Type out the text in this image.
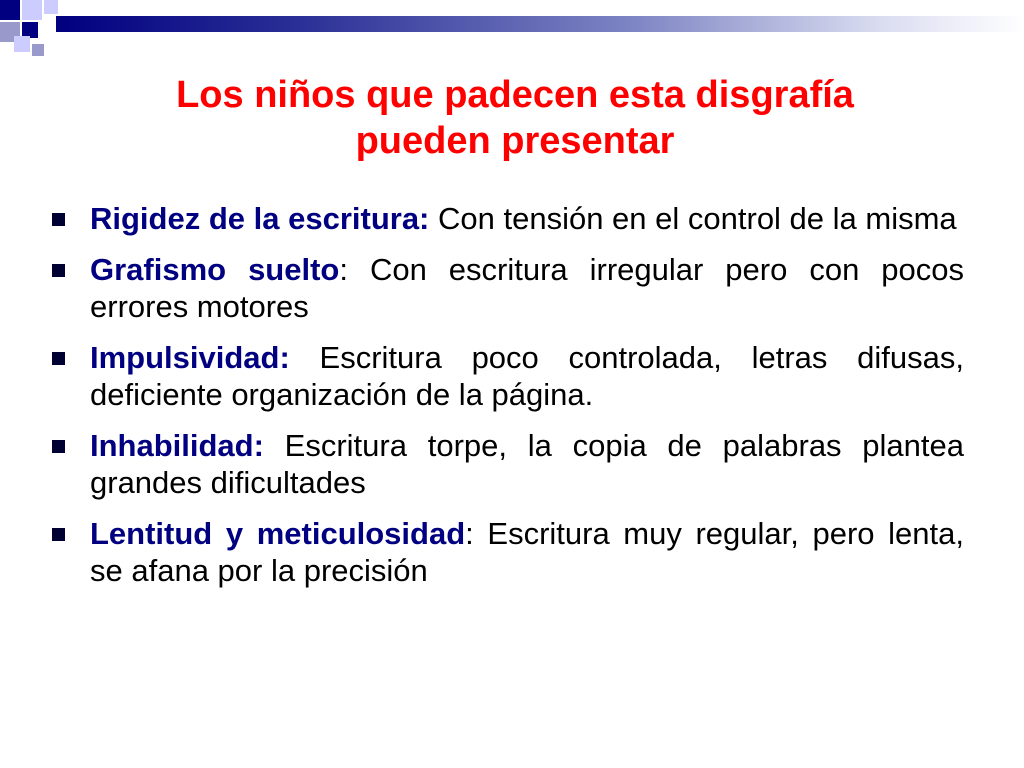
Los niños que padecen esta disgrafía
pueden presentar
Rigidez de la escritura: Con tensión en el control de la misma
Grafismo suelto: Con escritura irregular pero con pocos errores motores
Impulsividad: Escritura poco controlada, letras difusas, deficiente organización de la página.
Inhabilidad: Escritura torpe, la copia de palabras plantea grandes dificultades
Lentitud y meticulosidad: Escritura muy regular, pero lenta, se afana por la precisión
